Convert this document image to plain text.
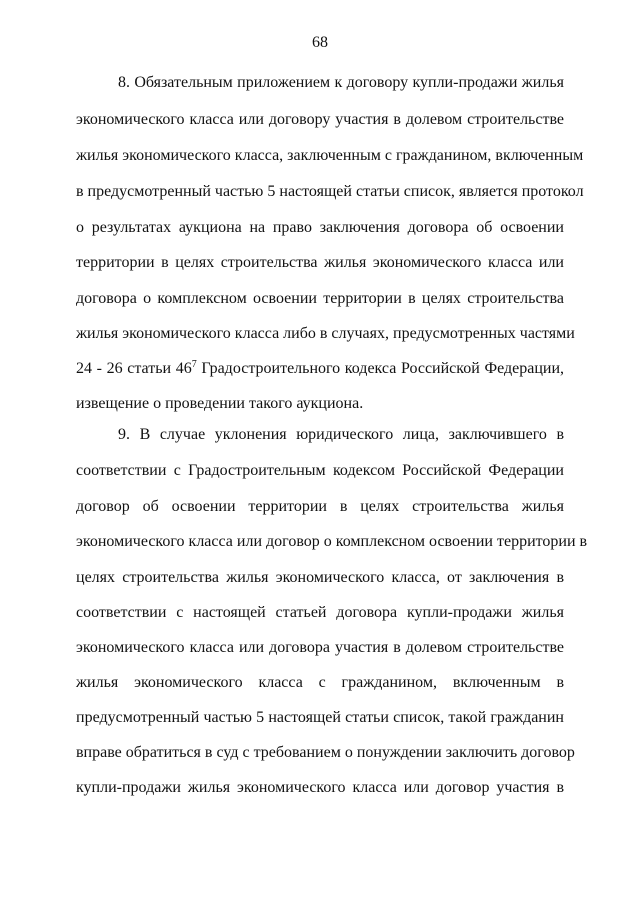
68
8. Обязательным приложением к договору купли-продажи жилья
экономического класса или договору участия в долевом строительстве
жилья экономического класса, заключенным с гражданином, включенным
в предусмотренный частью 5 настоящей статьи список, является протокол
о результатах аукциона на право заключения договора об освоении
территории в целях строительства жилья экономического класса или
договора о комплексном освоении территории в целях строительства
жилья экономического класса либо в случаях, предусмотренных частями
24 - 26 статьи $46^7$ Градостроительного кодекса Российской Федерации,
извещение о проведении такого аукциона.
9. В случае уклонения юридического лица, заключившего в
соответствии с Градостроительным кодексом Российской Федерации
договор об освоении территории в целях строительства жилья
экономического класса или договор о комплексном освоении территории в
целях строительства жилья экономического класса, от заключения в
соответствии с настоящей статьей договора купли-продажи жилья
экономического класса или договора участия в долевом строительстве
жилья экономического класса с гражданином, включенным в
предусмотренный частью 5 настоящей статьи список, такой гражданин
вправе обратиться в суд с требованием о понуждении заключить договор
купли-продажи жилья экономического класса или договор участия в
